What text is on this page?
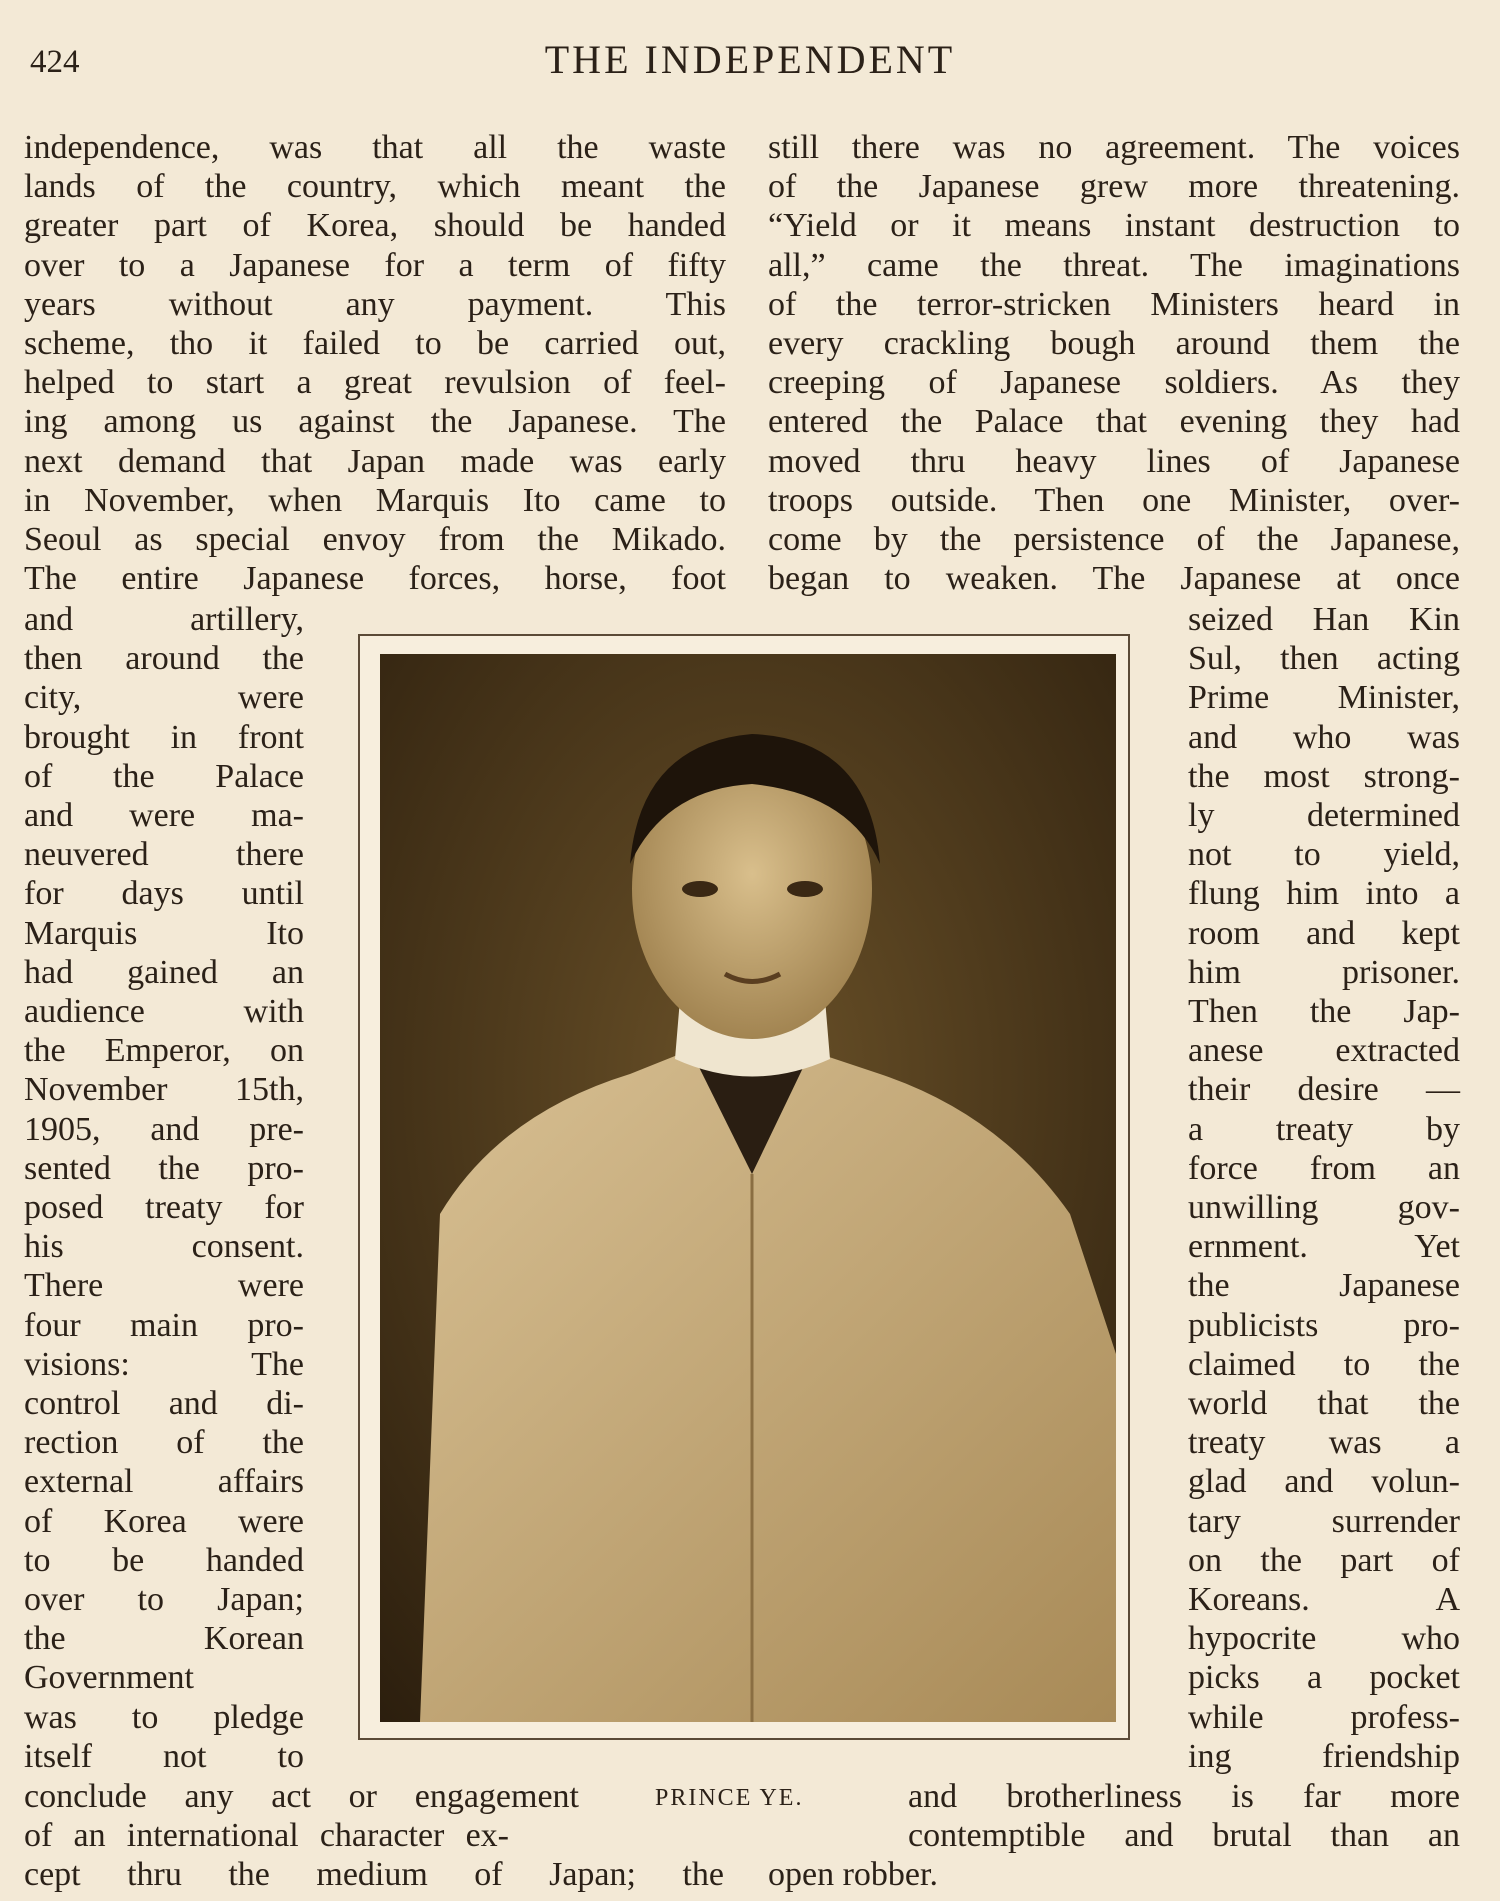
424	THE INDEPENDENT

independence, was that all the waste

lands of the country, which meant the

greater part of Korea, should be handed

over to a Japanese for a term of fifty

years without any payment. This

scheme, tho it failed to be carried out,

helped to start a great revulsion of feel-

ing among us against the Japanese. The

next demand that Japan made was early

in November, when Marquis Ito came to

Seoul as special envoy from the Mikado.

The entire Japanese forces, horse, foot

still there was no agreement. The voices

of the Japanese grew more threatening.

“Yield or it means instant destruction to

all,” came the threat. The imaginations

of the terror-stricken Ministers heard in

every crackling bough around them the

creeping of Japanese soldiers. As they

entered the Palace that evening they had

moved thru heavy lines of Japanese

troops outside. Then one Minister, over-

come by the persistence of the Japanese,

began to weaken. The Japanese at once

and artillery,

then around the

city, were

brought in front

of the Palace

and were ma-

neuvered there

for days until

Marquis Ito

had gained an

audience with

the Emperor, on

November 15th,

1905, and pre-

sented the pro-

posed treaty for

his consent.

There were

four main pro-

visions: The

control and di-

rection of the

external affairs

of Korea were

to be handed

over to Japan;

the Korean

Government

was to pledge

itself not to

seized Han Kin

Sul, then acting

Prime Minister,

and who was

the most strong-

ly determined

not to yield,

flung him into a

room and kept

him prisoner.

Then the Jap-

anese extracted

their desire —

a treaty by

force from an

unwilling gov-

ernment. Yet

the Japanese

publicists pro-

claimed to the

world that the

treaty was a

glad and volun-

tary surrender

on the part of

Koreans. A

hypocrite who

picks a pocket

while profess-

ing friendship

conclude any act or engagement

of an international character ex-

cept thru the medium of Japan; the

PRINCE YE.	and brotherliness is far more

contemptible and brutal than an

open robber.
